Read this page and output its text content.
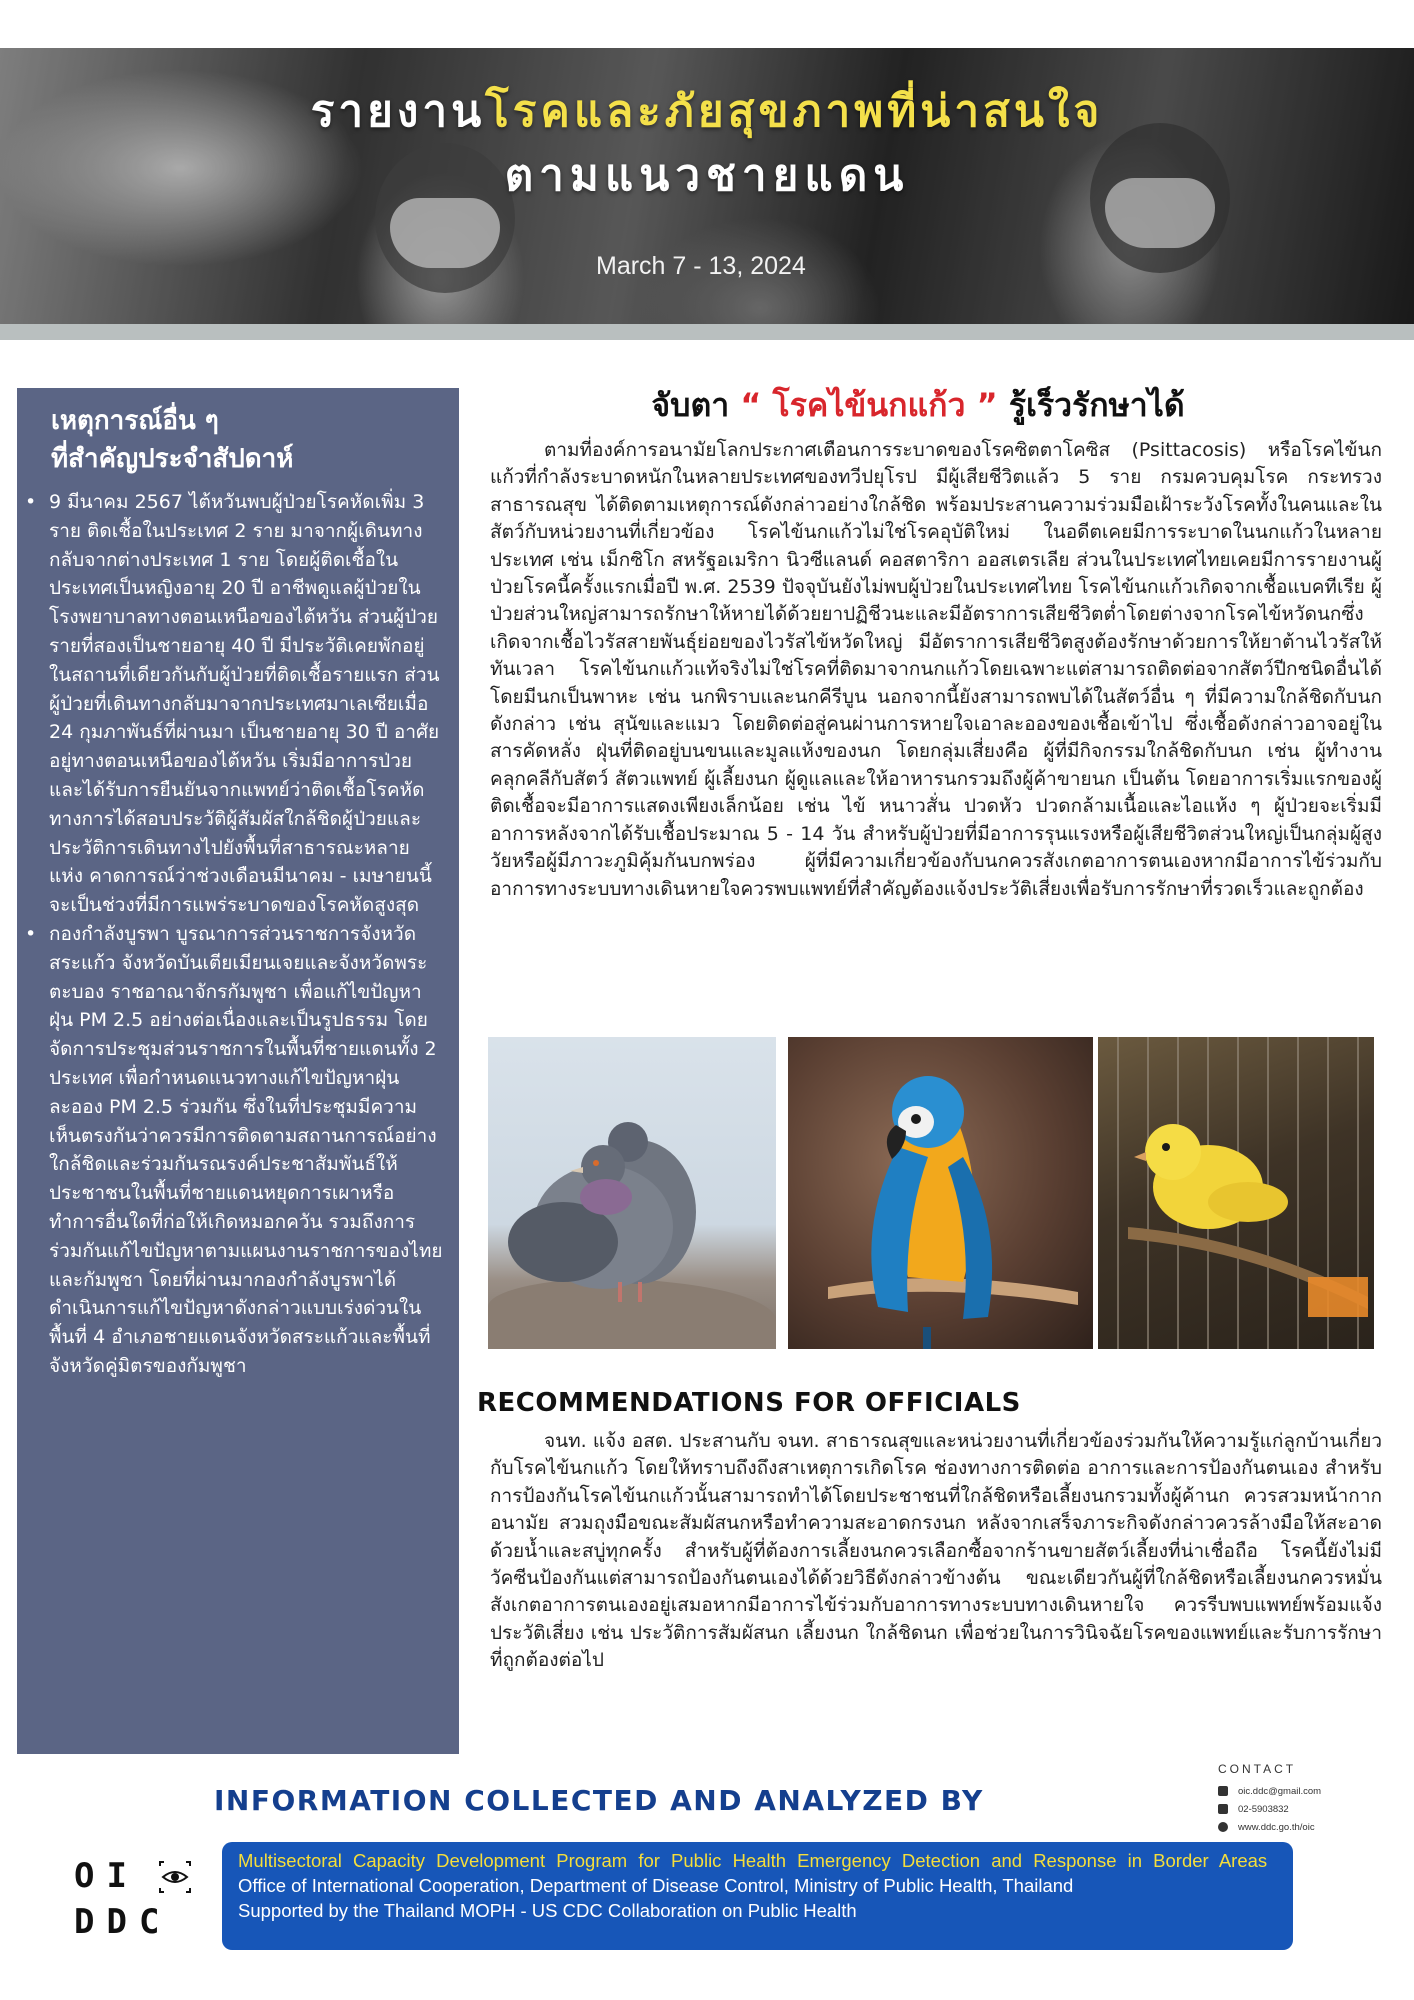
รายงานโรคและภัยสุขภาพที่น่าสนใจ
ตามแนวชายแดน
March 7 - 13, 2024
เหตุการณ์อื่น ๆ
ที่สำคัญประจำสัปดาห์
• 9 มีนาคม 2567 ไต้หวันพบผู้ป่วยโรคหัดเพิ่ม 3 ราย ติดเชื้อในประเทศ 2 ราย มาจากผู้เดินทางกลับจากต่างประเทศ 1 ราย โดยผู้ติดเชื้อในประเทศเป็นหญิงอายุ 20 ปี อาชีพดูแลผู้ป่วยในโรงพยาบาลทางตอนเหนือของไต้หวัน ส่วนผู้ป่วยรายที่สองเป็นชายอายุ 40 ปี มีประวัติเคยพักอยู่ในสถานที่เดียวกันกับผู้ป่วยที่ติดเชื้อรายแรก ส่วนผู้ป่วยที่เดินทางกลับมาจากประเทศมาเลเซียเมื่อ 24 กุมภาพันธ์ที่ผ่านมา เป็นชายอายุ 30 ปี อาศัยอยู่ทางตอนเหนือของไต้หวัน เริ่มมีอาการป่วยและได้รับการยืนยันจากแพทย์ว่าติดเชื้อโรคหัด ทางการได้สอบประวัติผู้สัมผัสใกล้ชิดผู้ป่วยและประวัติการเดินทางไปยังพื้นที่สาธารณะหลายแห่ง คาดการณ์ว่าช่วงเดือนมีนาคม - เมษายนนี้จะเป็นช่วงที่มีการแพร่ระบาดของโรคหัดสูงสุด
• กองกำลังบูรพา บูรณาการส่วนราชการจังหวัดสระแก้ว จังหวัดบันเตียเมียนเจยและจังหวัดพระตะบอง ราชอาณาจักรกัมพูชา เพื่อแก้ไขปัญหาฝุ่น PM 2.5 อย่างต่อเนื่องและเป็นรูปธรรม โดยจัดการประชุมส่วนราชการในพื้นที่ชายแดนทั้ง 2 ประเทศ เพื่อกำหนดแนวทางแก้ไขปัญหาฝุ่นละออง PM 2.5 ร่วมกัน ซึ่งในที่ประชุมมีความเห็นตรงกันว่าควรมีการติดตามสถานการณ์อย่างใกล้ชิดและร่วมกันรณรงค์ประชาสัมพันธ์ให้ประชาชนในพื้นที่ชายแดนหยุดการเผาหรือทำการอื่นใดที่ก่อให้เกิดหมอกควัน รวมถึงการร่วมกันแก้ไขปัญหาตามแผนงานราชการของไทยและกัมพูชา โดยที่ผ่านมากองกำลังบูรพาได้ดำเนินการแก้ไขปัญหาดังกล่าวแบบเร่งด่วนในพื้นที่ 4 อำเภอชายแดนจังหวัดสระแก้วและพื้นที่จังหวัดคู่มิตรของกัมพูชา
จับตา “ โรคไข้นกแก้ว ” รู้เร็วรักษาได้
ตามที่องค์การอนามัยโลกประกาศเตือนการระบาดของโรคซิตตาโคซิส (Psittacosis) หรือโรคไข้นกแก้วที่กำลังระบาดหนักในหลายประเทศของทวีปยุโรป มีผู้เสียชีวิตแล้ว 5 ราย กรมควบคุมโรค กระทรวงสาธารณสุข ได้ติดตามเหตุการณ์ดังกล่าวอย่างใกล้ชิด พร้อมประสานความร่วมมือเฝ้าระวังโรคทั้งในคนและในสัตว์กับหน่วยงานที่เกี่ยวข้อง โรคไข้นกแก้วไม่ใช่โรคอุบัติใหม่ ในอดีตเคยมีการระบาดในนกแก้วในหลายประเทศ เช่น เม็กซิโก สหรัฐอเมริกา นิวซีแลนด์ คอสตาริกา ออสเตรเลีย ส่วนในประเทศไทยเคยมีการรายงานผู้ป่วยโรคนี้ครั้งแรกเมื่อปี พ.ศ. 2539 ปัจจุบันยังไม่พบผู้ป่วยในประเทศไทย โรคไข้นกแก้วเกิดจากเชื้อแบคทีเรีย ผู้ป่วยส่วนใหญ่สามารถรักษาให้หายได้ด้วยยาปฏิชีวนะและมีอัตราการเสียชีวิตต่ำโดยต่างจากโรคไข้หวัดนกซึ่งเกิดจากเชื้อไวรัสสายพันธุ์ย่อยของไวรัสไข้หวัดใหญ่ มีอัตราการเสียชีวิตสูงต้องรักษาด้วยการให้ยาต้านไวรัสให้ทันเวลา โรคไข้นกแก้วแท้จริงไม่ใช่โรคที่ติดมาจากนกแก้วโดยเฉพาะแต่สามารถติดต่อจากสัตว์ปีกชนิดอื่นได้โดยมีนกเป็นพาหะ เช่น นกพิราบและนกคีรีบูน นอกจากนี้ยังสามารถพบได้ในสัตว์อื่น ๆ ที่มีความใกล้ชิดกับนกดังกล่าว เช่น สุนัขและแมว โดยติดต่อสู่คนผ่านการหายใจเอาละอองของเชื้อเข้าไป ซึ่งเชื้อดังกล่าวอาจอยู่ในสารคัดหลั่ง ฝุ่นที่ติดอยู่บนขนและมูลแห้งของนก โดยกลุ่มเสี่ยงคือ ผู้ที่มีกิจกรรมใกล้ชิดกับนก เช่น ผู้ทำงานคลุกคลีกับสัตว์ สัตวแพทย์ ผู้เลี้ยงนก ผู้ดูแลและให้อาหารนกรวมถึงผู้ค้าขายนก เป็นต้น โดยอาการเริ่มแรกของผู้ติดเชื้อจะมีอาการแสดงเพียงเล็กน้อย เช่น ไข้ หนาวสั่น ปวดหัว ปวดกล้ามเนื้อและไอแห้ง ๆ ผู้ป่วยจะเริ่มมีอาการหลังจากได้รับเชื้อประมาณ 5 - 14 วัน สำหรับผู้ป่วยที่มีอาการรุนแรงหรือผู้เสียชีวิตส่วนใหญ่เป็นกลุ่มผู้สูงวัยหรือผู้มีภาวะภูมิคุ้มกันบกพร่อง ผู้ที่มีความเกี่ยวข้องกับนกควรสังเกตอาการตนเองหากมีอาการไข้ร่วมกับอาการทางระบบทางเดินหายใจควรพบแพทย์ที่สำคัญต้องแจ้งประวัติเสี่ยงเพื่อรับการรักษาที่รวดเร็วและถูกต้อง
RECOMMENDATIONS FOR OFFICIALS
จนท. แจ้ง อสต. ประสานกับ จนท. สาธารณสุขและหน่วยงานที่เกี่ยวข้องร่วมกันให้ความรู้แก่ลูกบ้านเกี่ยวกับโรคไข้นกแก้ว โดยให้ทราบถึงถึงสาเหตุการเกิดโรค ช่องทางการติดต่อ อาการและการป้องกันตนเอง สำหรับการป้องกันโรคไข้นกแก้วนั้นสามารถทำได้โดยประชาชนที่ใกล้ชิดหรือเลี้ยงนกรวมทั้งผู้ค้านก ควรสวมหน้ากากอนามัย สวมถุงมือขณะสัมผัสนกหรือทำความสะอาดกรงนก หลังจากเสร็จภาระกิจดังกล่าวควรล้างมือให้สะอาดด้วยน้ำและสบู่ทุกครั้ง สำหรับผู้ที่ต้องการเลี้ยงนกควรเลือกซื้อจากร้านขายสัตว์เลี้ยงที่น่าเชื่อถือ โรคนี้ยังไม่มีวัคซีนป้องกันแต่สามารถป้องกันตนเองได้ด้วยวิธีดังกล่าวข้างต้น ขณะเดียวกันผู้ที่ใกล้ชิดหรือเลี้ยงนกควรหมั่นสังเกตอาการตนเองอยู่เสมอหากมีอาการไข้ร่วมกับอาการทางระบบทางเดินหายใจ ควรรีบพบแพทย์พร้อมแจ้งประวัติเสี่ยง เช่น ประวัติการสัมผัสนก เลี้ยงนก ใกล้ชิดนก เพื่อช่วยในการวินิจฉัยโรคของแพทย์และรับการรักษาที่ถูกต้องต่อไป
INFORMATION COLLECTED AND ANALYZED BY
CONTACT
oic.ddc@gmail.com
02-5903832
www.ddc.go.th/oic
OI
DDC
Multisectoral Capacity Development Program for Public Health Emergency Detection and Response in Border Areas
Office of International Cooperation, Department of Disease Control, Ministry of Public Health, Thailand
Supported by the Thailand MOPH - US CDC Collaboration on Public Health
